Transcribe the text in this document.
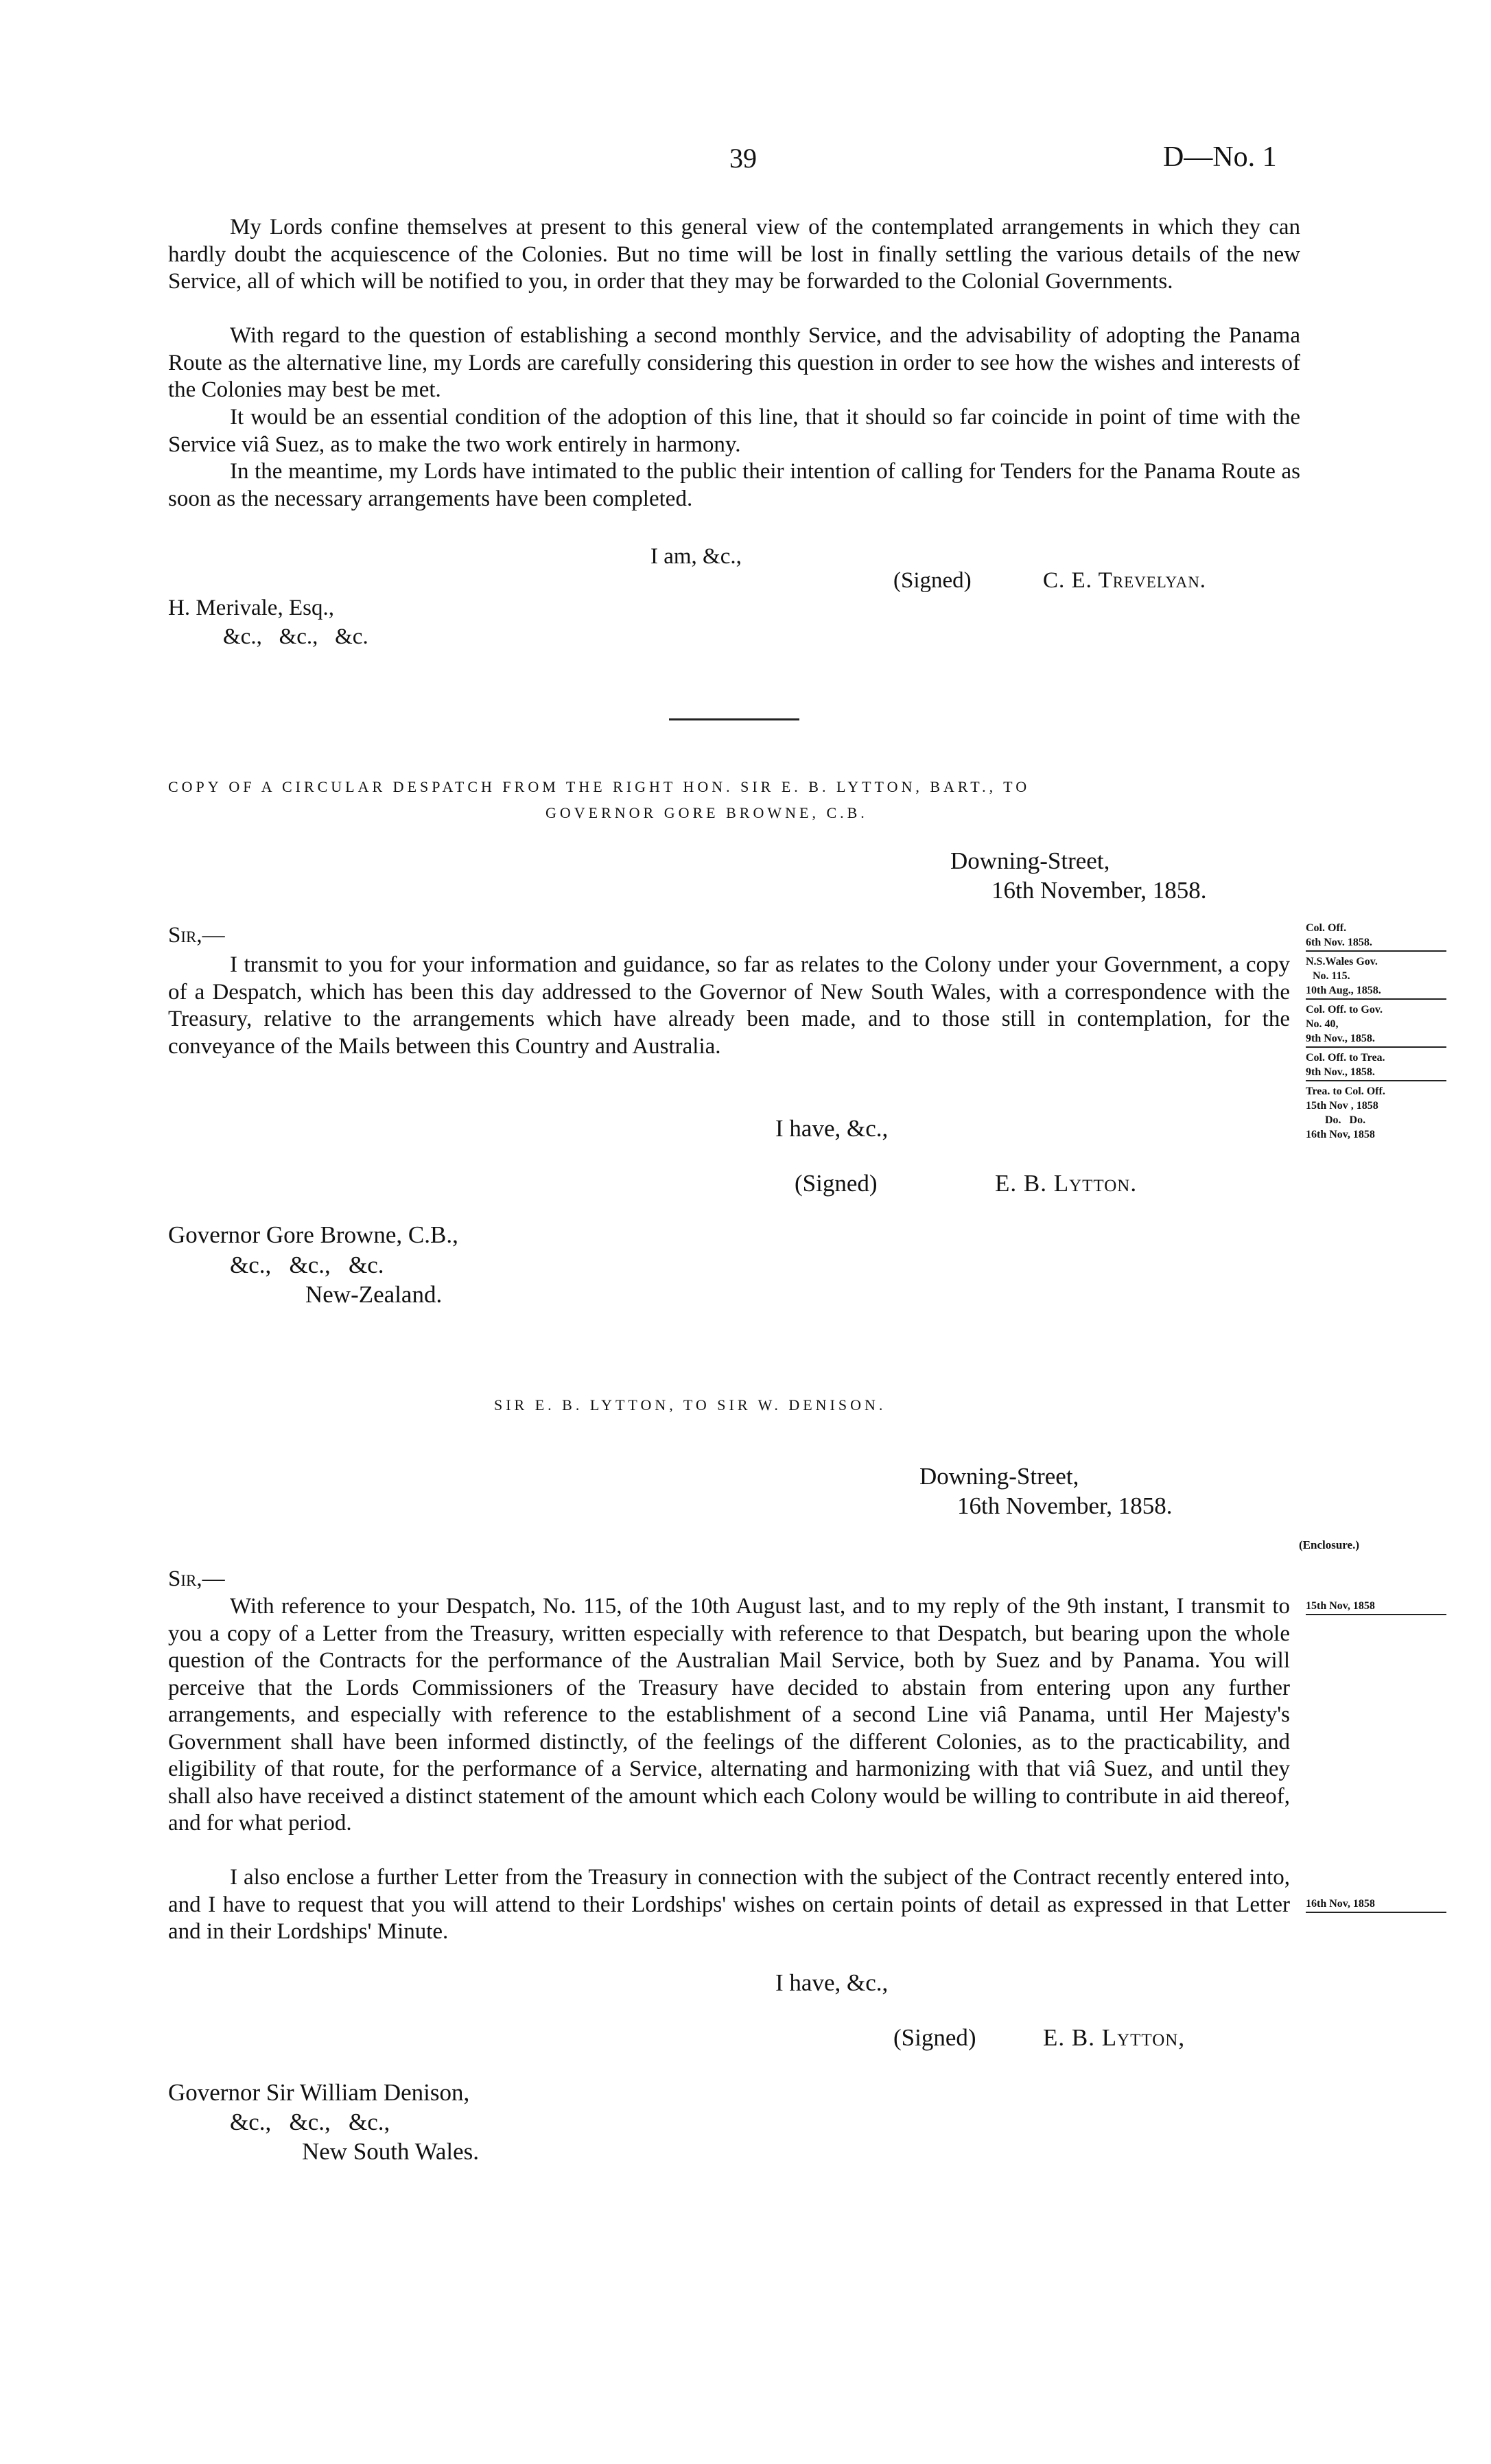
39	D—No. 1

My Lords confine themselves at present to this general view of the contemplated arrangements in which they can hardly doubt the acquiescence of the Colonies. But no time will be lost in finally settling the various details of the new Service, all of which will be notified to you, in order that they may be forwarded to the Colonial Governments.

With regard to the question of establishing a second monthly Service, and the advisability of adopting the Panama Route as the alternative line, my Lords are carefully considering this question in order to see how the wishes and interests of the Colonies may best be met.

It would be an essential condition of the adoption of this line, that it should so far coincide in point of time with the Service viâ Suez, as to make the two work entirely in harmony.

In the meantime, my Lords have intimated to the public their intention of calling for Tenders for the Panama Route as soon as the necessary arrangements have been completed.

I am, &c.,
(Signed)	C. E. Trevelyan.
H. Merivale, Esq.,
&c.,   &c.,   &c.
COPY OF A CIRCULAR DESPATCH FROM THE RIGHT HON. SIR E. B. LYTTON, BART., TO
GOVERNOR GORE BROWNE, C.B.
Downing-Street,
16th November, 1858.
Sir,—

I transmit to you for your information and guidance, so far as relates to the Colony under your Government, a copy of a Despatch, which has been this day addressed to the Governor of New South Wales, with a correspondence with the Treasury, relative to the arrangements which have already been made, and to those still in contemplation, for the conveyance of the Mails between this Country and Australia.

Col. Off.
6th Nov. 1858.
N.S.Wales Gov.
No. 115.
10th Aug., 1858.
Col. Off. to Gov.
No. 40,
9th Nov., 1858.
Col. Off. to Trea.
9th Nov., 1858.
Trea. to Col. Off.
15th Nov , 1858
Do.   Do.
16th Nov, 1858
I have, &c.,
(Signed)	E. B. Lytton.
Governor Gore Browne, C.B.,
&c.,   &c.,   &c.
New-Zealand.
SIR E. B. LYTTON, TO SIR W. DENISON.
Downing-Street,
16th November, 1858.
(Enclosure.)
Sir,—

With reference to your Despatch, No. 115, of the 10th August last, and to my reply of the 9th instant, I transmit to you a copy of a Letter from the Treasury, written especially with reference to that Despatch, but bearing upon the whole question of the Contracts for the performance of the Australian Mail Service, both by Suez and by Panama. You will perceive that the Lords Commissioners of the Treasury have decided to abstain from entering upon any further arrangements, and especially with reference to the establishment of a second Line viâ Panama, until Her Majesty's Government shall have been informed distinctly, of the feelings of the different Colonies, as to the practicability, and eligibility of that route, for the performance of a Service, alternating and harmonizing with that viâ Suez, and until they shall also have received a distinct statement of the amount which each Colony would be willing to contribute in aid thereof, and for what period.

I also enclose a further Letter from the Treasury in connection with the subject of the Contract recently entered into, and I have to request that you will attend to their Lordships' wishes on certain points of detail as expressed in that Letter and in their Lordships' Minute.

15th Nov, 1858
16th Nov, 1858
I have, &c.,
(Signed)	E. B. Lytton,
Governor Sir William Denison,
&c.,   &c.,   &c.,
New South Wales.
